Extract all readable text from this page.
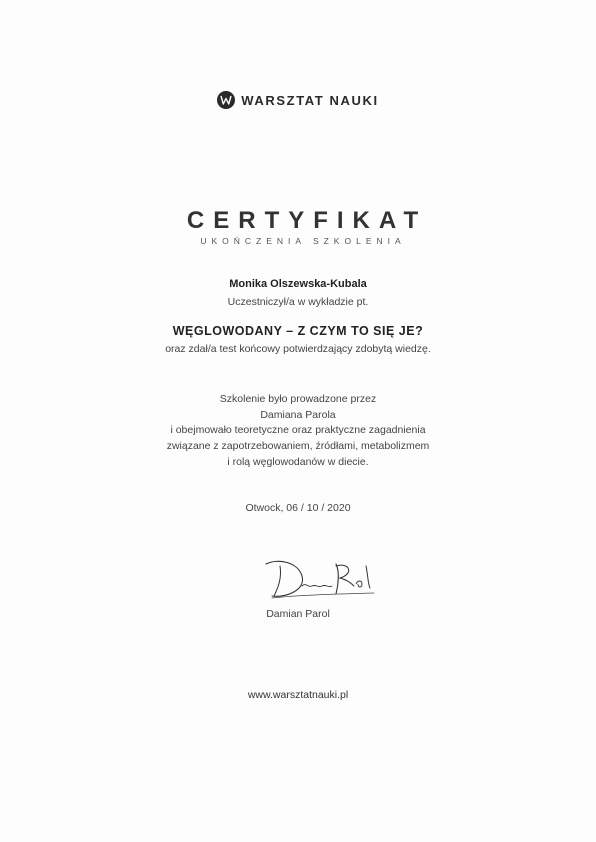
WARSZTAT NAUKI
CERTYFIKAT
UKOŃCZENIA SZKOLENIA
Monika Olszewska-Kubala
Uczestniczył/a w wykładzie pt.
WĘGLOWODANY – Z CZYM TO SIĘ JE?
oraz zdał/a test końcowy potwierdzający zdobytą wiedzę.
Szkolenie było prowadzone przez
Damiana Parola
i obejmowało teoretyczne oraz praktyczne zagadnienia
związane z zapotrzebowaniem, źródłami, metabolizmem
i rolą węglowodanów w diecie.
Otwock, 06 / 10 / 2020
Damian Parol
www.warsztatnauki.pl
